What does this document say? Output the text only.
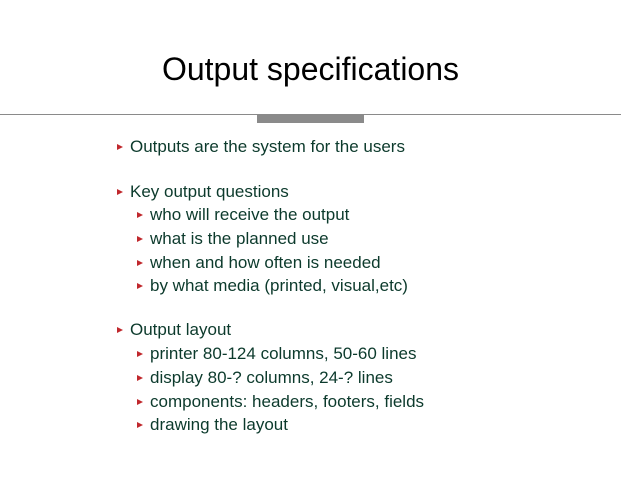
Output specifications
Outputs are the system for the users
Key output questions
who will receive the output
what is the planned use
when and how often is needed
by what media (printed, visual,etc)
Output layout
printer 80-124 columns, 50-60 lines
display 80-? columns, 24-? lines
components: headers, footers, fields
drawing the layout
